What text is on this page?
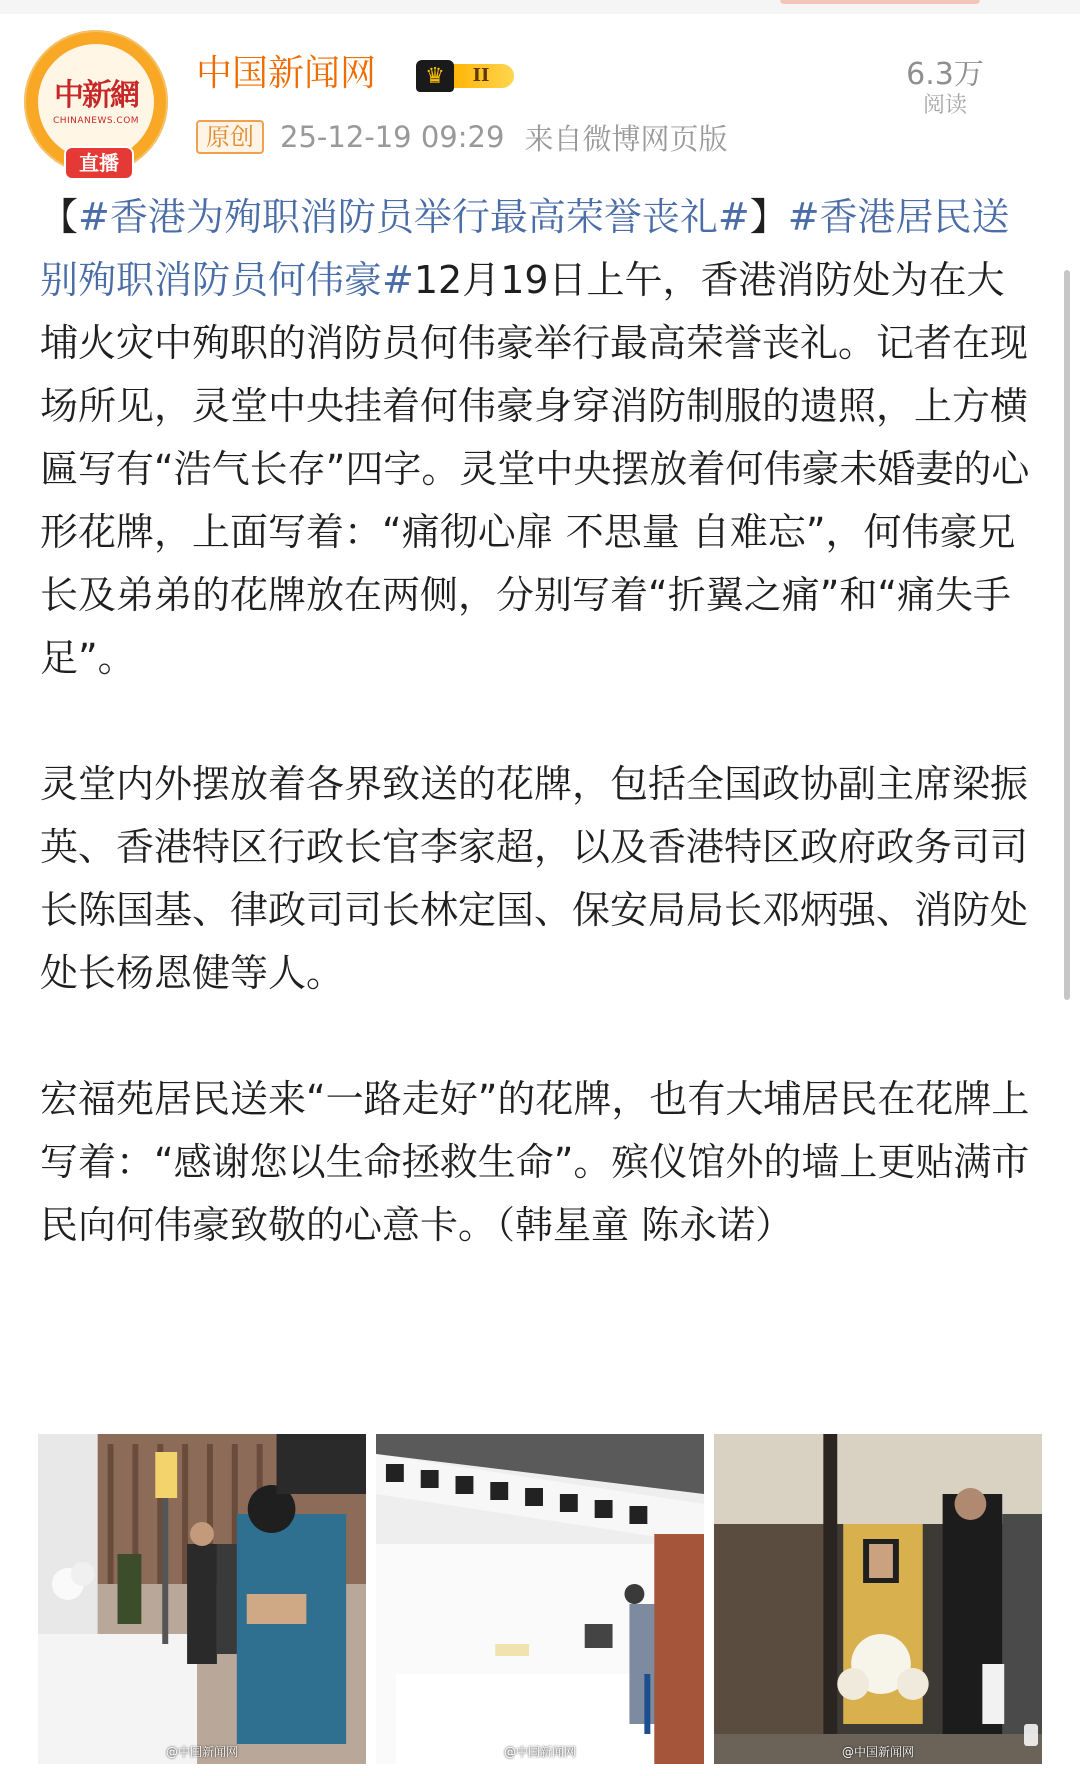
中新網
CHINANEWS.COM
直播
中国新闻网	II
♛
原创 25-12-19 09:29 来自微博网页版
6.3万
阅读

【#香港为殉职消防员举行最高荣誉丧礼#】#香港居民送别殉职消防员何伟豪#12月19日上午，香港消防处为在大埔火灾中殉职的消防员何伟豪举行最高荣誉丧礼。记者在现场所见，灵堂中央挂着何伟豪身穿消防制服的遗照，上方横匾写有“浩气长存”四字。灵堂中央摆放着何伟豪未婚妻的心形花牌，上面写着：“痛彻心扉 不思量 自难忘”，何伟豪兄长及弟弟的花牌放在两侧，分别写着“折翼之痛”和“痛失手足”。

灵堂内外摆放着各界致送的花牌，包括全国政协副主席梁振英、香港特区行政长官李家超，以及香港特区政府政务司司长陈国基、律政司司长林定国、保安局局长邓炳强、消防处处长杨恩健等人。

宏福苑居民送来“一路走好”的花牌，也有大埔居民在花牌上写着：“感谢您以生命拯救生命”。殡仪馆外的墙上更贴满市民向何伟豪致敬的心意卡。（韩星童 陈永诺）

@中国新闻网	@中国新闻网	@中国新闻网
